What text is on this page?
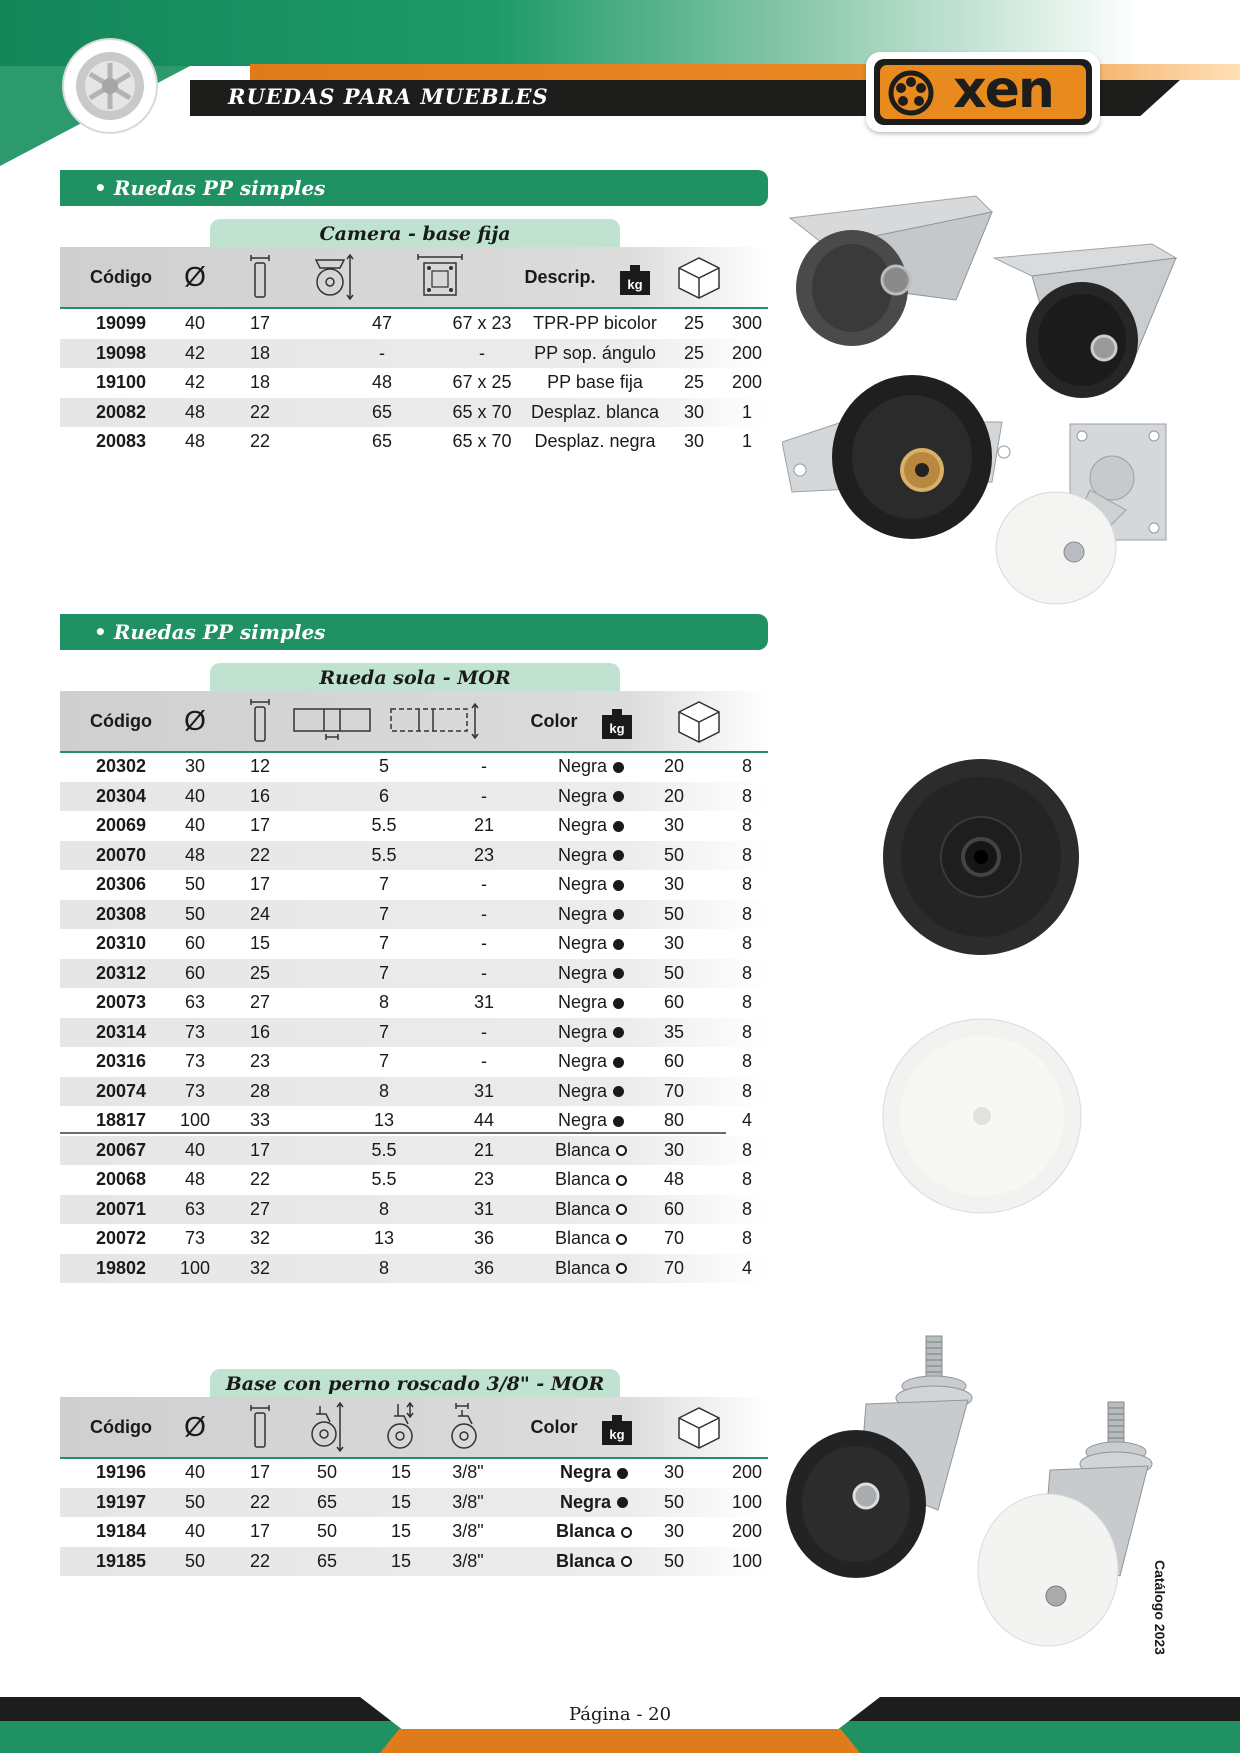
RUEDAS PARA MUEBLES	xen
• Ruedas PP simples
Camera - base fija
Código	Ø	Descrip.	kg
19099	40	17	47	67 x 23	TPR-PP bicolor	25	300
19098	42	18	-	-	PP sop. ángulo	25	200
19100	42	18	48	67 x 25	PP base fija	25	200
20082	48	22	65	65 x 70	Desplaz. blanca	30	1
20083	48	22	65	65 x 70	Desplaz. negra	30	1
• Ruedas PP simples
Rueda sola - MOR
Código	Ø	Color	kg
20302	30	12	5	-	Negra	20	8
20304	40	16	6	-	Negra	20	8
20069	40	17	5.5	21	Negra	30	8
20070	48	22	5.5	23	Negra	50	8
20306	50	17	7	-	Negra	30	8
20308	50	24	7	-	Negra	50	8
20310	60	15	7	-	Negra	30	8
20312	60	25	7	-	Negra	50	8
20073	63	27	8	31	Negra	60	8
20314	73	16	7	-	Negra	35	8
20316	73	23	7	-	Negra	60	8
20074	73	28	8	31	Negra	70	8
18817	100	33	13	44	Negra	80	4
20067	40	17	5.5	21	Blanca	30	8
20068	48	22	5.5	23	Blanca	48	8
20071	63	27	8	31	Blanca	60	8
20072	73	32	13	36	Blanca	70	8
19802	100	32	8	36	Blanca	70	4
Base con perno roscado 3/8" - MOR
Código	Ø	Color	kg
19196	40	17	50	15	3/8"	Negra	30	200
19197	50	22	65	15	3/8"	Negra	50	100
19184	40	17	50	15	3/8"	Blanca	30	200
19185	50	22	65	15	3/8"	Blanca	50	100	Catálogo 2023
Página - 20
